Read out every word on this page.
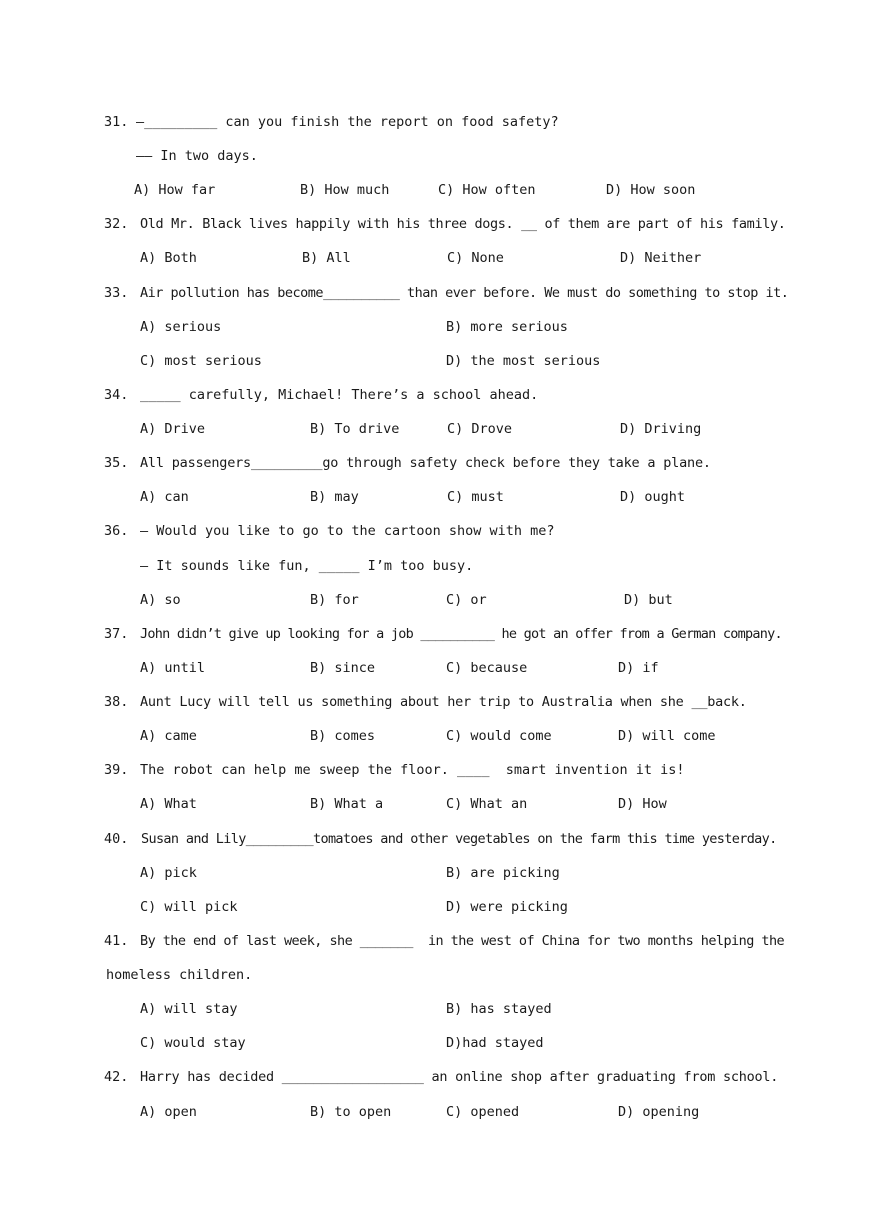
31. —_________ can you finish the report on food safety?
—— In two days.
A) How far	B) How much	C) How often	D) How soon
32. Old Mr. Black lives happily with his three dogs. __ of them are part of his family.
A) Both	B) All	C) None	D) Neither
33. Air pollution has become__________ than ever before. We must do something to stop it.
A) serious	B) more serious
C) most serious	D) the most serious
34. _____ carefully, Michael! There’s a school ahead.
A) Drive	B) To drive	C) Drove	D) Driving
35. All passengers_________go through safety check before they take a plane.
A) can	B) may	C) must	D) ought
36. — Would you like to go to the cartoon show with me?
— It sounds like fun, _____ I’m too busy.
A) so	B) for	C) or	D) but
37. John didn’t give up looking for a job __________ he got an offer from a German company.
A) until	B) since	C) because	D) if
38. Aunt Lucy will tell us something about her trip to Australia when she __back.
A) came	B) comes	C) would come	D) will come
39. The robot can help me sweep the floor. ____  smart invention it is!
A) What	B) What a	C) What an	D) How
40. Susan and Lily_________tomatoes and other vegetables on the farm this time yesterday.
A) pick	B) are picking
C) will pick	D) were picking
41. By the end of last week, she _______  in the west of China for two months helping the
homeless children.
A) will stay	B) has stayed
C) would stay	D)had stayed
42. Harry has decided __________________ an online shop after graduating from school.
A) open	B) to open	C) opened	D) opening
